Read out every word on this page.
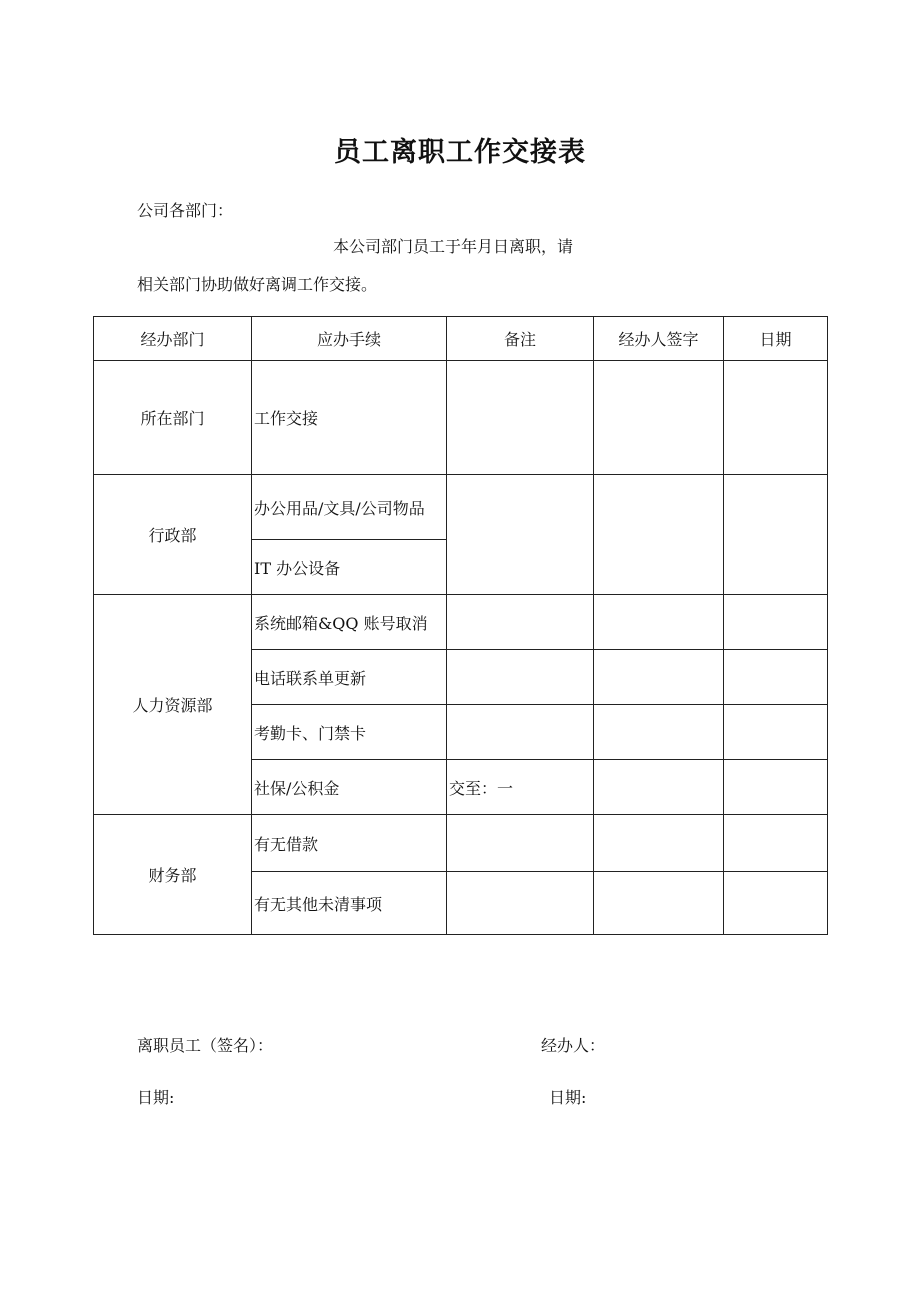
员工离职工作交接表
公司各部门：
本公司部门员工于年月日离职，请
相关部门协助做好离调工作交接。
经办部门	应办手续	备注	经办人签字	日期
所在部门	工作交接			
行政部	办公用品/文具/公司物品			
	IT 办公设备			
人力资源部	系统邮箱&QQ 账号取消			
	电话联系单更新			
	考勤卡、门禁卡			
	社保/公积金	交至：一		
财务部	有无借款			
	有无其他未清事项			
离职员工（签名）：	经办人：
日期:	日期:
